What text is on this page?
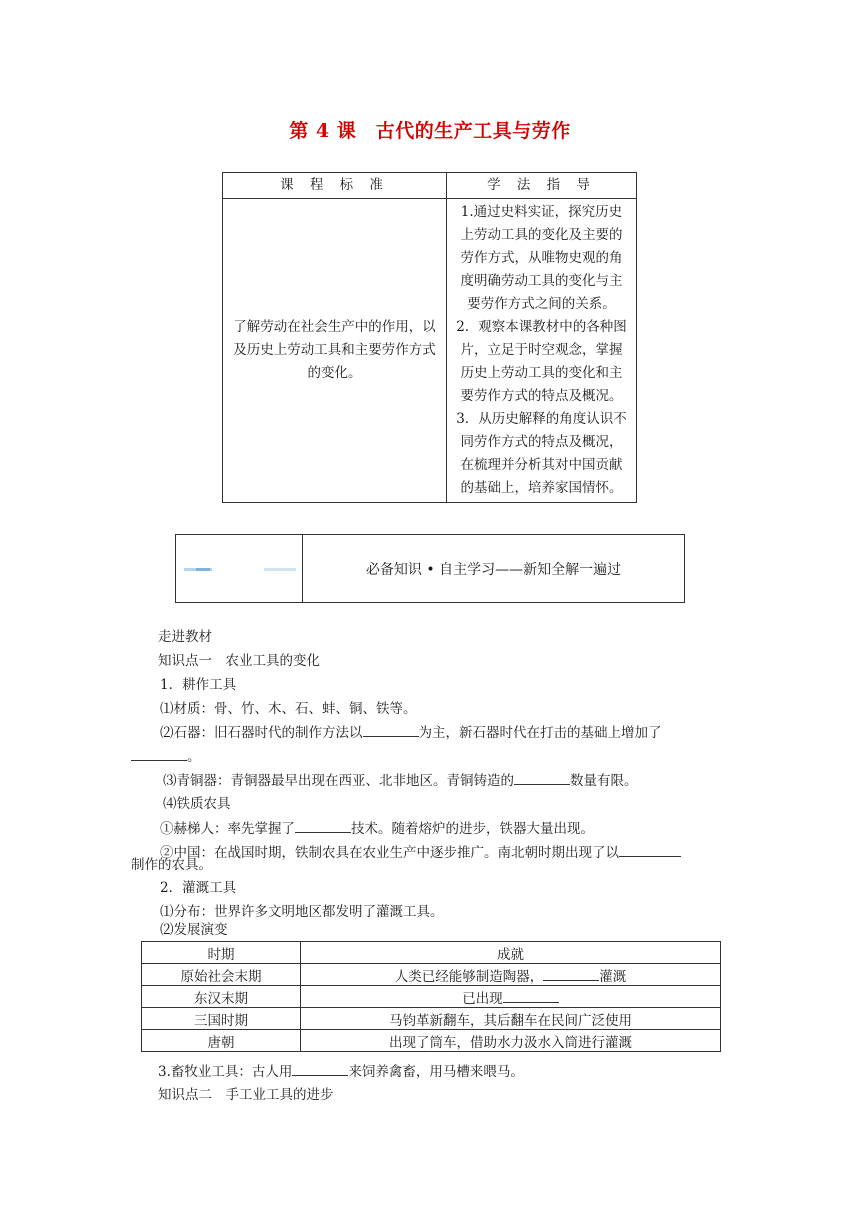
第 4 课　古代的生产工具与劳作
课 程 标 准	学 法 指 导
了解劳动在社会生产中的作用，以及历史上劳动工具和主要劳作方式的变化。	1.通过史料实证，探究历史上劳动工具的变化及主要的劳作方式，从唯物史观的角度明确劳动工具的变化与主要劳作方式之间的关系。
2．观察本课教材中的各种图片，立足于时空观念，掌握历史上劳动工具的变化和主要劳作方式的特点及概况。
3．从历史解释的角度认识不同劳作方式的特点及概况，在梳理并分析其对中国贡献的基础上，培养家国情怀。
必备知识 • 自主学习——新知全解一遍过
走进教材
知识点一　农业工具的变化
1．耕作工具
⑴材质：骨、竹、木、石、蚌、铜、铁等。
⑵石器：旧石器时代的制作方法以	为主，新石器时代在打击的基础上增加了
。
⑶青铜器：青铜器最早出现在西亚、北非地区。青铜铸造的	数量有限。
⑷铁质农具
①赫梯人：率先掌握了	技术。随着熔炉的进步，铁器大量出现。
②中国：在战国时期，铁制农具在农业生产中逐步推广。南北朝时期出现了以
制作的农具。
2．灌溉工具
⑴分布：世界许多文明地区都发明了灌溉工具。
⑵发展演变
时期	成就
原始社会末期	人类已经能够制造陶器， 灌溉
东汉末期	已出现
三国时期	马钧革新翻车，其后翻车在民间广泛使用
唐朝	出现了筒车，借助水力汲水入筒进行灌溉
3.畜牧业工具：古人用	来饲养禽畜，用马槽来喂马。
知识点二　手工业工具的进步
